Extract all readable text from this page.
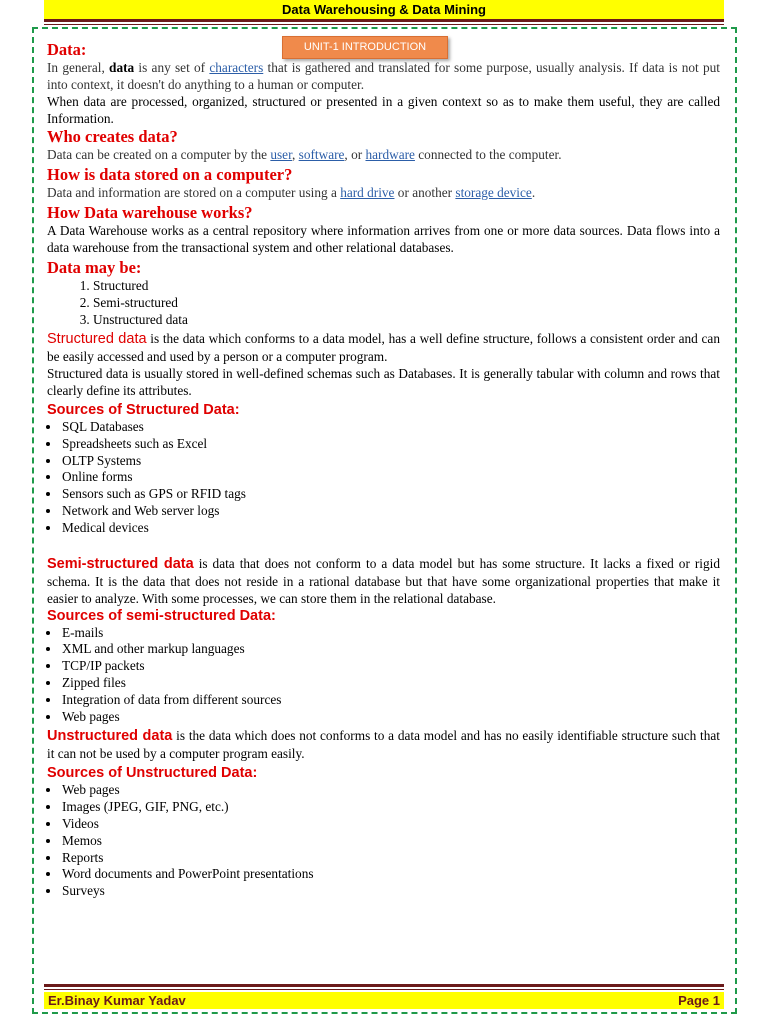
Data Warehousing & Data Mining
UNIT-1 INTRODUCTION
Data:

In general, data is any set of characters that is gathered and translated for some purpose, usually analysis. If data is not put into context, it doesn't do anything to a human or computer.

When data are processed, organized, structured or presented in a given context so as to make them useful, they are called Information.

Who creates data?

Data can be created on a computer by the user, software, or hardware connected to the computer.

How is data stored on a computer?

Data and information are stored on a computer using a hard drive or another storage device.

How Data warehouse works?

A Data Warehouse works as a central repository where information arrives from one or more data sources. Data flows into a data warehouse from the transactional system and other relational databases.

Data may be:
1. Structured
2. Semi-structured
3. Unstructured data

Structured data is the data which conforms to a data model, has a well define structure, follows a consistent order and can be easily accessed and used by a person or a computer program.

Structured data is usually stored in well-defined schemas such as Databases. It is generally tabular with column and rows that clearly define its attributes.

Sources of Structured Data:
• SQL Databases
• Spreadsheets such as Excel
• OLTP Systems
• Online forms
• Sensors such as GPS or RFID tags
• Network and Web server logs
• Medical devices

Semi-structured data is data that does not conform to a data model but has some structure. It lacks a fixed or rigid schema. It is the data that does not reside in a rational database but that have some organizational properties that make it easier to analyze. With some processes, we can store them in the relational database.

Sources of semi-structured Data:
• E-mails
• XML and other markup languages
• TCP/IP packets
• Zipped files
• Integration of data from different sources
• Web pages

Unstructured data is the data which does not conforms to a data model and has no easily identifiable structure such that it can not be used by a computer program easily.

Sources of Unstructured Data:
• Web pages
• Images (JPEG, GIF, PNG, etc.)
• Videos
• Memos
• Reports
• Word documents and PowerPoint presentations
• Surveys
Er.Binay Kumar Yadav	Page 1
